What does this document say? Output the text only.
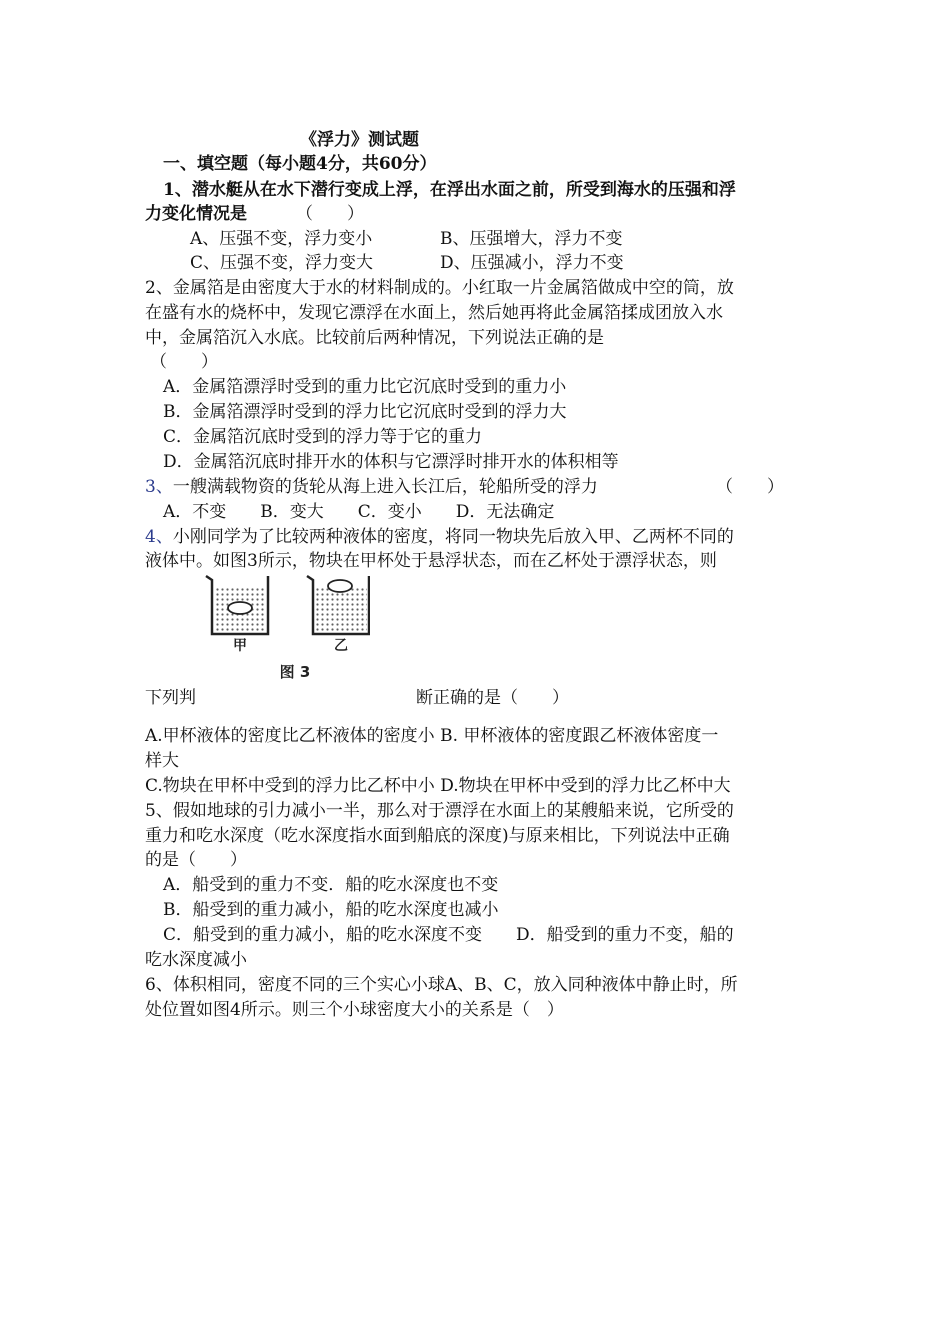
《浮力》测试题
一、填空题（每小题4分，共60分）
1、潜水艇从在水下潜行变成上浮，在浮出水面之前，所受到海水的压强和浮
力变化情况是	（　　）
A、压强不变，浮力变小	B、压强增大，浮力不变
C、压强不变，浮力变大	D、压强减小，浮力不变
2、金属箔是由密度大于水的材料制成的。小红取一片金属箔做成中空的筒，放
在盛有水的烧杯中，发现它漂浮在水面上，然后她再将此金属箔揉成团放入水
中，金属箔沉入水底。比较前后两种情况，下列说法正确的是
（　　）
A．金属箔漂浮时受到的重力比它沉底时受到的重力小
B．金属箔漂浮时受到的浮力比它沉底时受到的浮力大
C．金属箔沉底时受到的浮力等于它的重力
D．金属箔沉底时排开水的体积与它漂浮时排开水的体积相等
3、一艘满载物资的货轮从海上进入长江后，轮船所受的浮力	（　　）
A．不变　　B．变大　　C．变小　　D．无法确定
4、小刚同学为了比较两种液体的密度，将同一物块先后放入甲、乙两杯不同的
液体中。如图3所示，物块在甲杯处于悬浮状态，而在乙杯处于漂浮状态，则
甲	乙
图 3
下列判	断正确的是（　　）
A.甲杯液体的密度比乙杯液体的密度小 B. 甲杯液体的密度跟乙杯液体密度一
样大
C.物块在甲杯中受到的浮力比乙杯中小 D.物块在甲杯中受到的浮力比乙杯中大
5、假如地球的引力减小一半，那么对于漂浮在水面上的某艘船来说，它所受的
重力和吃水深度（吃水深度指水面到船底的深度)与原来相比，下列说法中正确
的是（　　）
A．船受到的重力不变．船的吃水深度也不变
B．船受到的重力减小，船的吃水深度也减小
C．船受到的重力减小，船的吃水深度不变　　D．船受到的重力不变，船的
吃水深度减小
6、体积相同，密度不同的三个实心小球A、B、C，放入同种液体中静止时，所
处位置如图4所示。则三个小球密度大小的关系是（　）
